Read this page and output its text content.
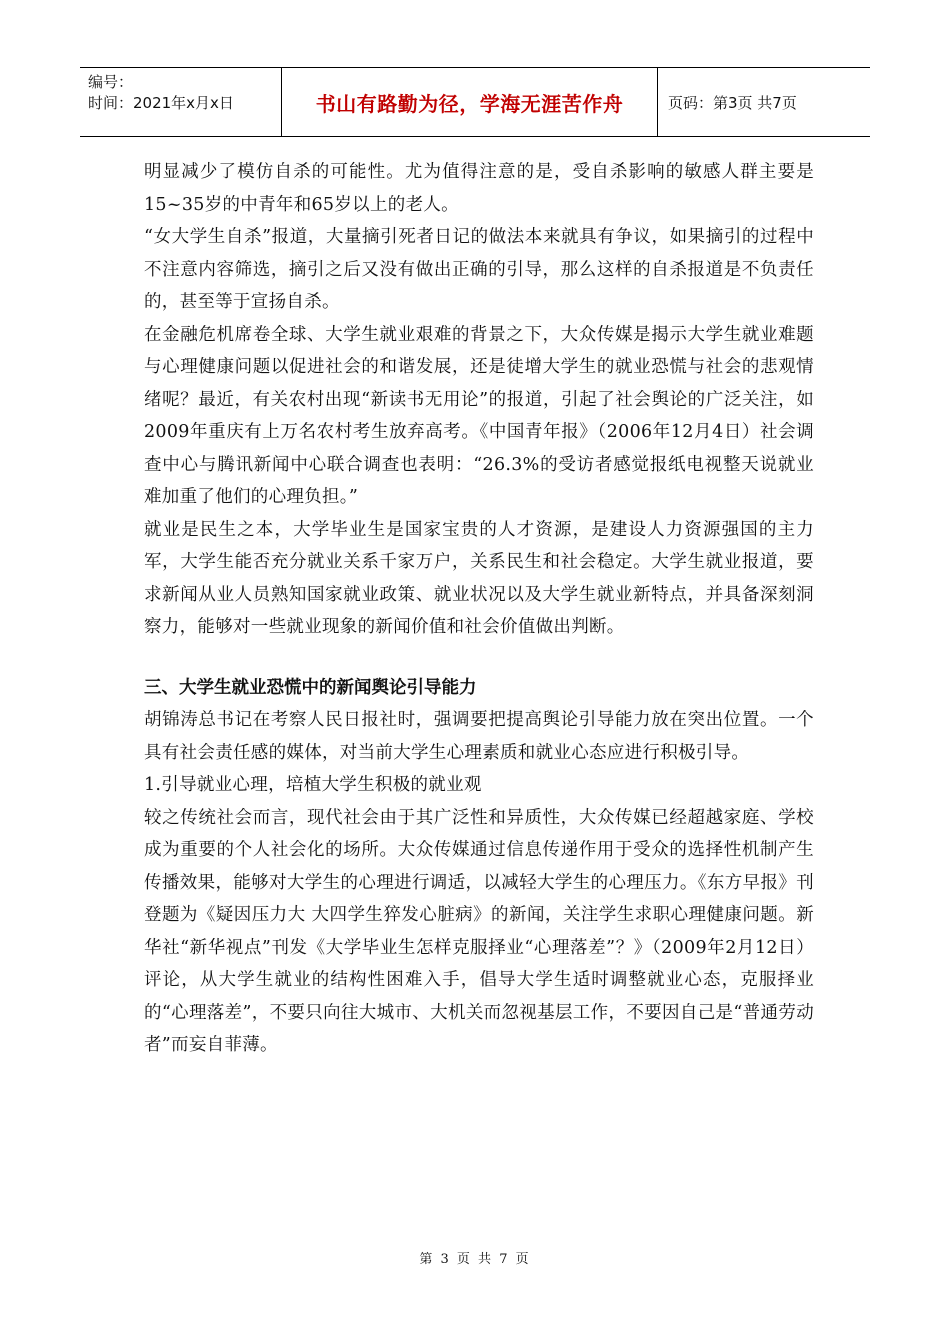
编号：
时间：2021年x月x日	书山有路勤为径，学海无涯苦作舟	页码：第3页 共7页

明显减少了模仿自杀的可能性。尤为值得注意的是，受自杀影响的敏感人群主要是15~35岁的中青年和65岁以上的老人。

“女大学生自杀”报道，大量摘引死者日记的做法本来就具有争议，如果摘引的过程中不注意内容筛选，摘引之后又没有做出正确的引导，那么这样的自杀报道是不负责任的，甚至等于宣扬自杀。

在金融危机席卷全球、大学生就业艰难的背景之下，大众传媒是揭示大学生就业难题与心理健康问题以促进社会的和谐发展，还是徒增大学生的就业恐慌与社会的悲观情绪呢？最近，有关农村出现“新读书无用论”的报道，引起了社会舆论的广泛关注，如2009年重庆有上万名农村考生放弃高考。《中国青年报》（2006年12月4日）社会调查中心与腾讯新闻中心联合调查也表明：“26.3%的受访者感觉报纸电视整天说就业难加重了他们的心理负担。”

就业是民生之本，大学毕业生是国家宝贵的人才资源，是建设人力资源强国的主力军，大学生能否充分就业关系千家万户，关系民生和社会稳定。大学生就业报道，要求新闻从业人员熟知国家就业政策、就业状况以及大学生就业新特点，并具备深刻洞察力，能够对一些就业现象的新闻价值和社会价值做出判断。

三、大学生就业恐慌中的新闻舆论引导能力

胡锦涛总书记在考察人民日报社时，强调要把提高舆论引导能力放在突出位置。一个具有社会责任感的媒体，对当前大学生心理素质和就业心态应进行积极引导。

1.引导就业心理，培植大学生积极的就业观

较之传统社会而言，现代社会由于其广泛性和异质性，大众传媒已经超越家庭、学校成为重要的个人社会化的场所。大众传媒通过信息传递作用于受众的选择性机制产生传播效果，能够对大学生的心理进行调适，以减轻大学生的心理压力。《东方早报》刊登题为《疑因压力大 大四学生猝发心脏病》的新闻，关注学生求职心理健康问题。新华社“新华视点”刊发《大学毕业生怎样克服择业“心理落差”？》（2009年2月12日）评论，从大学生就业的结构性困难入手，倡导大学生适时调整就业心态，克服择业的“心理落差”，不要只向往大城市、大机关而忽视基层工作，不要因自己是“普通劳动者”而妄自菲薄。

第 3 页 共 7 页
